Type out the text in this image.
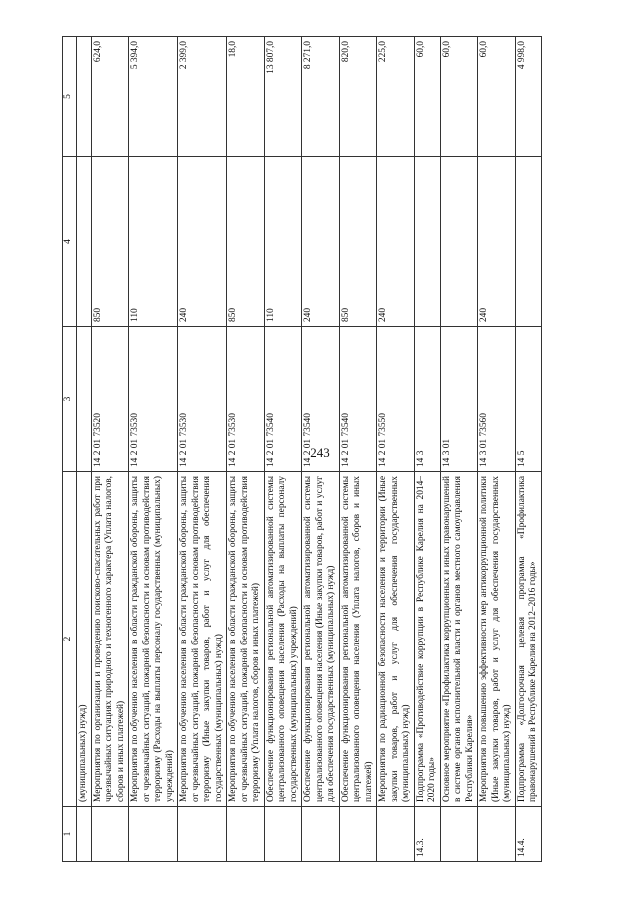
243
1	2	3	4	5
	(муниципальных) нужд)			
	Мероприятия по организации и проведению поисково-спасательных работ при чрезвычайных ситуациях природного и техногенного характера (Уплата налогов, сборов и иных платежей)	14 2 01 73520	850	624,0
	Мероприятия по обучению населения в области гражданской обороны, защиты от чрезвычайных ситуаций, пожарной безопасности и основам противодействия терроризму (Расходы на выплаты персоналу государственных (муниципальных) учреждений)	14 2 01 73530	110	5 394,0
	Мероприятия по обучению населения в области гражданской обороны, защиты от чрезвычайных ситуаций, пожарной безопасности и основам противодействия терроризму (Иные закупки товаров, работ и услуг для обеспечения государственных (муниципальных) нужд)	14 2 01 73530	240	2 399,0
	Мероприятия по обучению населения в области гражданской обороны, защиты от чрезвычайных ситуаций, пожарной безопасности и основам противодействия терроризму (Уплата налогов, сборов и иных платежей)	14 2 01 73530	850	18,0
	Обеспечение функционирования региональной автоматизированной системы централизованного оповещения населения (Расходы на выплаты персоналу государственных (муниципальных) учреждений)	14 2 01 73540	110	13 807,0
	Обеспечение функционирования региональной автоматизированной системы централизованного оповещения населения (Иные закупки товаров, работ и услуг для обеспечения государственных (муниципальных) нужд)	14 2 01 73540	240	8 271,0
	Обеспечение функционирования региональной автоматизированной системы централизованного оповещения населения (Уплата налогов, сборов и иных платежей)	14 2 01 73540	850	820,0
	Мероприятия по радиационной безопасности населения и территории (Иные закупки товаров, работ и услуг для обеспечения государственных (муниципальных) нужд)	14 2 01 73550	240	225,0
14.3.	Подпрограмма «Противодействие коррупции в Республике Карелия на 2014–2020 годы»	14 3		60,0
	Основное мероприятие «Профилактика коррупционных и иных правонарушений в системе органов исполнительной власти и органов местного самоуправления Республики Карелия»	14 3 01		60,0
	Мероприятия по повышению эффективности мер антикоррупционной политики (Иные закупки товаров, работ и услуг для обеспечения государственных (муниципальных) нужд)	14 3 01 73560	240	60,0
14.4.	Подпрограмма «Долгосрочная целевая программа «Профилактика правонарушений в Республике Карелия на 2012–2016 годы»	14 5		4 998,0
